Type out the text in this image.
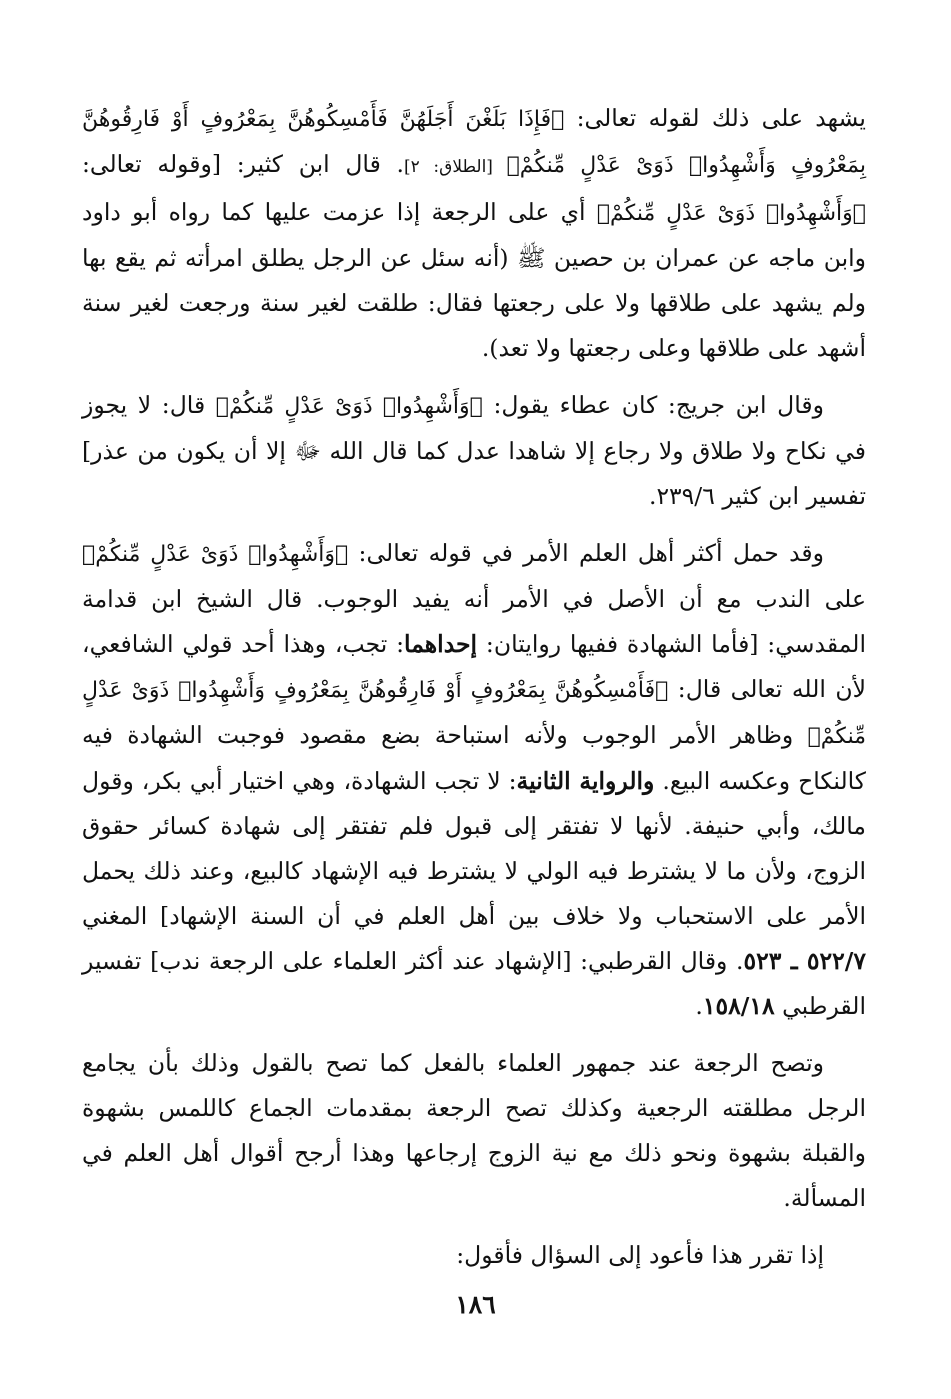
يشهد على ذلك لقوله تعالى: ﴿فَإِذَا بَلَغْنَ أَجَلَهُنَّ فَأَمْسِكُوهُنَّ بِمَعْرُوفٍ أَوْ فَارِقُوهُنَّ بِمَعْرُوفٍ وَأَشْهِدُوا۟ ذَوَىْ عَدْلٍ مِّنكُمْ﴾ [الطلاق: ٢]. قال ابن كثير: [وقوله تعالى: ﴿وَأَشْهِدُوا۟ ذَوَىْ عَدْلٍ مِّنكُمْ﴾ أي على الرجعة إذا عزمت عليها كما رواه أبو داود وابن ماجه عن عمران بن حصين ﷺ (أنه سئل عن الرجل يطلق امرأته ثم يقع بها ولم يشهد على طلاقها ولا على رجعتها فقال: طلقت لغير سنة ورجعت لغير سنة أشهد على طلاقها وعلى رجعتها ولا تعد).

وقال ابن جريج: كان عطاء يقول: ﴿وَأَشْهِدُوا۟ ذَوَىْ عَدْلٍ مِّنكُمْ﴾ قال: لا يجوز في نكاح ولا طلاق ولا رجاع إلا شاهدا عدل كما قال الله ﷻ إلا أن يكون من عذر] تفسير ابن كثير ٢٣٩/٦.

وقد حمل أكثر أهل العلم الأمر في قوله تعالى: ﴿وَأَشْهِدُوا۟ ذَوَىْ عَدْلٍ مِّنكُمْ﴾ على الندب مع أن الأصل في الأمر أنه يفيد الوجوب. قال الشيخ ابن قدامة المقدسي: [فأما الشهادة ففيها روايتان: إحداهما: تجب، وهذا أحد قولي الشافعي، لأن الله تعالى قال: ﴿فَأَمْسِكُوهُنَّ بِمَعْرُوفٍ أَوْ فَارِقُوهُنَّ بِمَعْرُوفٍ وَأَشْهِدُوا۟ ذَوَىْ عَدْلٍ مِّنكُمْ﴾ وظاهر الأمر الوجوب ولأنه استباحة بضع مقصود فوجبت الشهادة فيه كالنكاح وعكسه البيع. والرواية الثانية: لا تجب الشهادة، وهي اختيار أبي بكر، وقول مالك، وأبي حنيفة. لأنها لا تفتقر إلى قبول فلم تفتقر إلى شهادة كسائر حقوق الزوج، ولأن ما لا يشترط فيه الولي لا يشترط فيه الإشهاد كالبيع، وعند ذلك يحمل الأمر على الاستحباب ولا خلاف بين أهل العلم في أن السنة الإشهاد] المغني ٥٢٢/٧ ـ ٥٢٣. وقال القرطبي: [الإشهاد عند أكثر العلماء على الرجعة ندب] تفسير القرطبي ١٥٨/١٨.

وتصح الرجعة عند جمهور العلماء بالفعل كما تصح بالقول وذلك بأن يجامع الرجل مطلقته الرجعية وكذلك تصح الرجعة بمقدمات الجماع كاللمس بشهوة والقبلة بشهوة ونحو ذلك مع نية الزوج إرجاعها وهذا أرجح أقوال أهل العلم في المسألة.

إذا تقرر هذا فأعود إلى السؤال فأقول:

١٨٦
